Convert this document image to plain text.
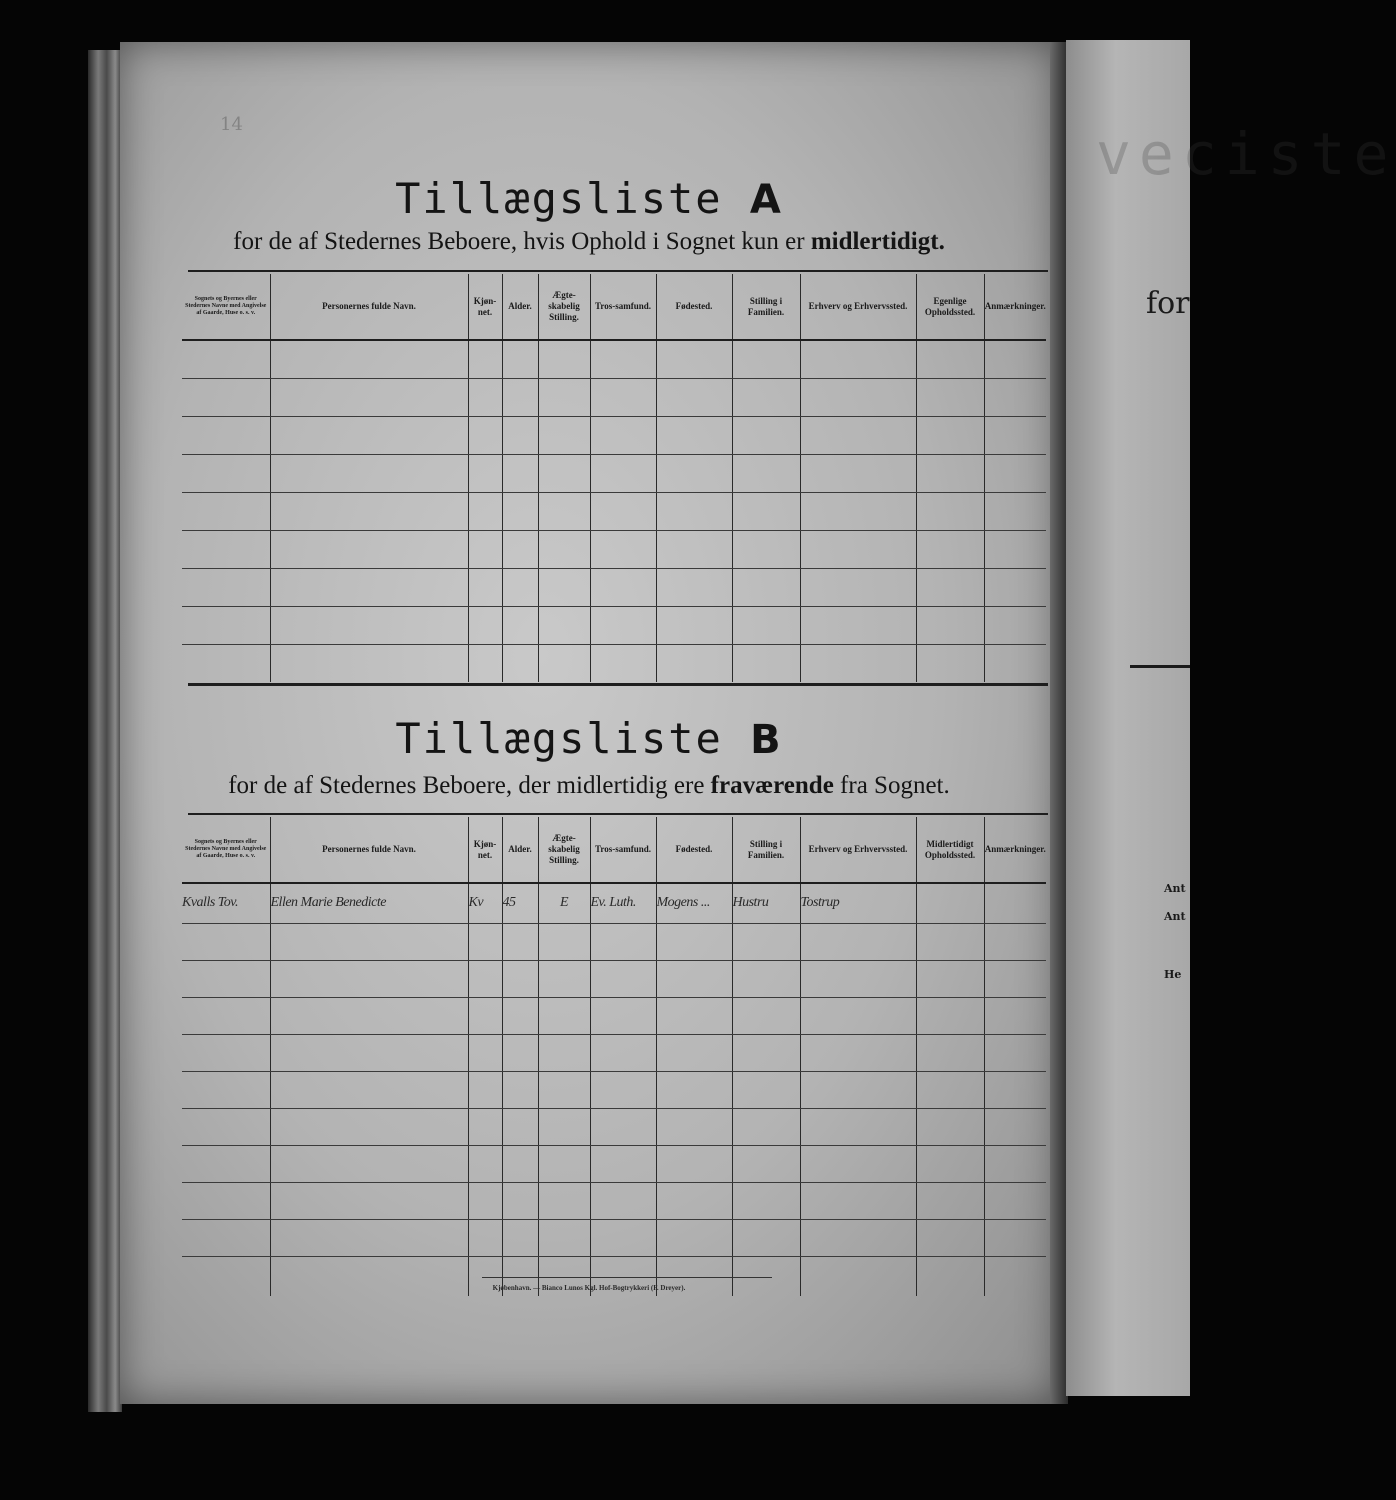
14
Tillægsliste A
for de af Stedernes Beboere, hvis Ophold i Sognet kun er midlertidigt.
Sognets og Byernes eller Stedernes Navne med Angivelse af Gaarde, Huse o. s. v.	Personernes fulde Navn.	Kjøn-net.	Alder.	Ægte-skabelig Stilling.	Tros-samfund.	Fødested.	Stilling i Familien.	Erhverv og Erhvervssted.	Egenlige Opholdssted.	Anmærkninger.

Tillægsliste B
for de af Stedernes Beboere, der midlertidig ere fraværende fra Sognet.
Sognets og Byernes eller Stedernes Navne med Angivelse af Gaarde, Huse o. s. v.	Personernes fulde Navn.	Kjøn-net.	Alder.	Ægte-skabelig Stilling.	Tros-samfund.	Fødested.	Stilling i Familien.	Erhverv og Erhvervssted.	Midlertidigt Opholdssted.	Anmærkninger.
Kvalls Tov.	Ellen Marie Benedicte	Kv	45	E	Ev. Luth.	Mogens ...	Hustru	Tostrup		

Kjøbenhavn. — Bianco Lunos Kgl. Hof-Bogtrykkeri (F. Dreyer).
veciste
for
Ant
Ant
He
